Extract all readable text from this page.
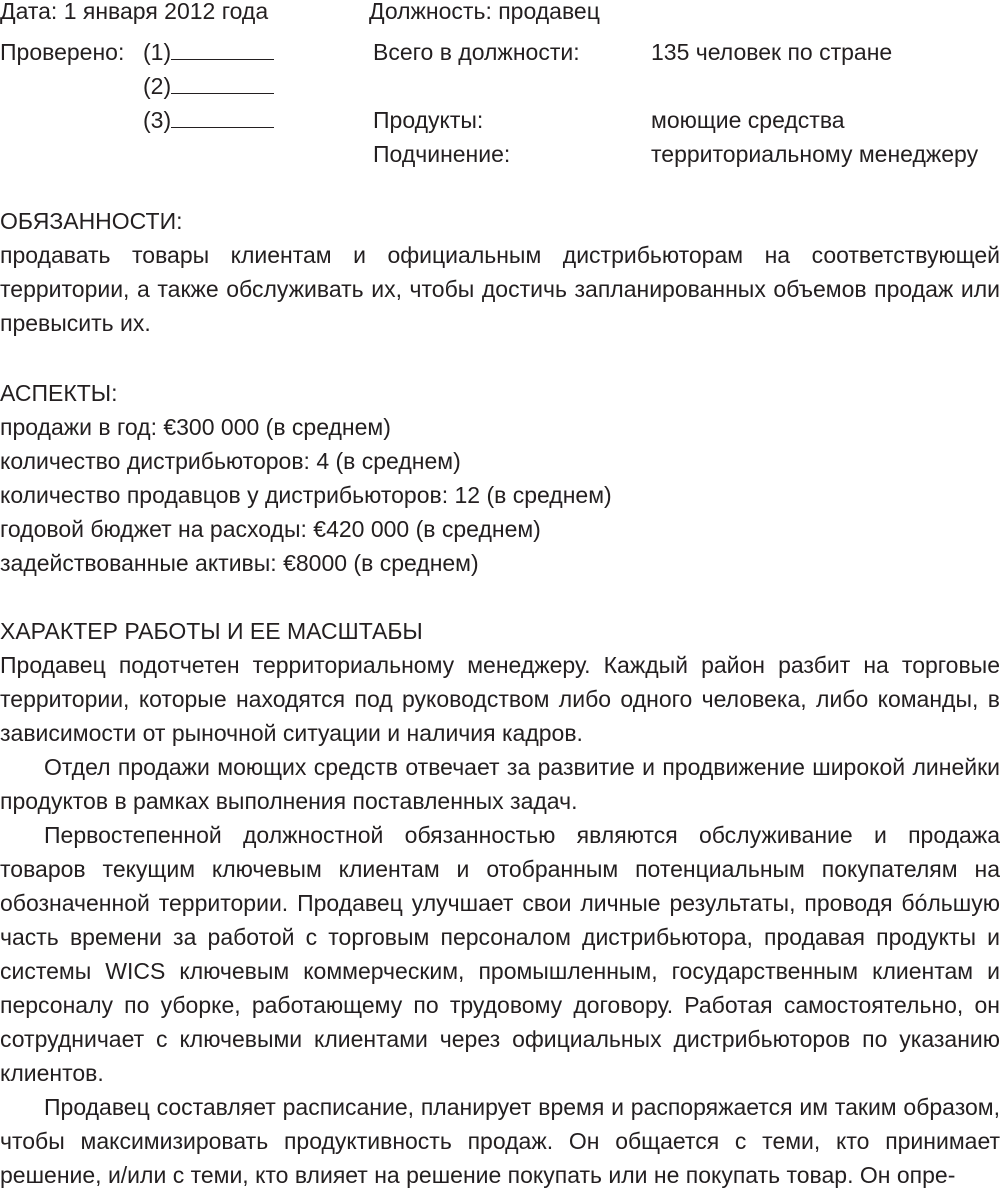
Дата: 1 января 2012 года	Должность: продавец
Проверено: (1)
(2)
(3)
Всего в должности:	135 человек по стране
Продукты:	моющие средства
Подчинение:	территориальному менеджеру

ОБЯЗАННОСТИ:

продавать товары клиентам и официальным дистрибьюторам на соответствующей территории, а также обслуживать их, чтобы достичь запланированных объемов продаж или превысить их.

АСПЕКТЫ:

продажи в год: €300 000 (в среднем)

количество дистрибьюторов: 4 (в среднем)

количество продавцов у дистрибьюторов: 12 (в среднем)

годовой бюджет на расходы: €420 000 (в среднем)

задействованные активы: €8000 (в среднем)

ХАРАКТЕР РАБОТЫ И ЕЕ МАСШТАБЫ

Продавец подотчетен территориальному менеджеру. Каждый район разбит на торговые территории, которые находятся под руководством либо одного человека, либо команды, в зависимости от рыночной ситуации и наличия кадров.

Отдел продажи моющих средств отвечает за развитие и продвижение широкой линейки продуктов в рамках выполнения поставленных задач.

Первостепенной должностной обязанностью являются обслуживание и продажа товаров текущим ключевым клиентам и отобранным потенциальным покупателям на обозначенной территории. Продавец улучшает свои личные результаты, проводя бóльшую часть времени за работой с торговым персоналом дистрибьютора, продавая продукты и системы WICS ключевым коммерческим, промышленным, государственным клиентам и персоналу по уборке, работающему по трудовому договору. Работая самостоятельно, он сотрудничает с ключевыми клиентами через официальных дистрибьюторов по указанию клиентов.

Продавец составляет расписание, планирует время и распоряжается им таким образом, чтобы максимизировать продуктивность продаж. Он общается с теми, кто принимает решение, и/или с теми, кто влияет на решение покупать или не покупать товар. Он опре-
